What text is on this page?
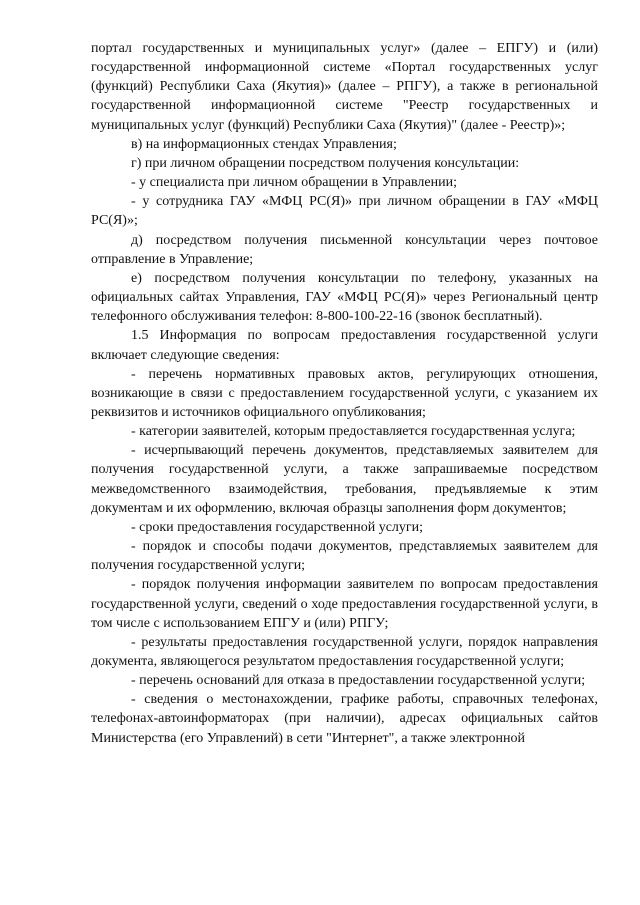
портал государственных и муниципальных услуг» (далее – ЕПГУ) и (или) государственной информационной системе «Портал государственных услуг (функций) Республики Саха (Якутия)» (далее – РПГУ), а также в региональной государственной информационной системе "Реестр государственных и муниципальных услуг (функций) Республики Саха (Якутия)" (далее - Реестр)»;

в) на информационных стендах Управления;

г) при личном обращении посредством получения консультации:

- у специалиста при личном обращении в Управлении;

- у сотрудника ГАУ «МФЦ РС(Я)» при личном обращении в ГАУ «МФЦ РС(Я)»;

д) посредством получения письменной консультации через почтовое отправление в Управление;

е) посредством получения консультации по телефону, указанных на официальных сайтах Управления, ГАУ «МФЦ РС(Я)» через Региональный центр телефонного обслуживания телефон: 8-800-100-22-16 (звонок бесплатный).

1.5 Информация по вопросам предоставления государственной услуги включает следующие сведения:

- перечень нормативных правовых актов, регулирующих отношения, возникающие в связи с предоставлением государственной услуги, с указанием их реквизитов и источников официального опубликования;

- категории заявителей, которым предоставляется государственная услуга;

- исчерпывающий перечень документов, представляемых заявителем для получения государственной услуги, а также запрашиваемые посредством межведомственного взаимодействия, требования, предъявляемые к этим документам и их оформлению, включая образцы заполнения форм документов;

- сроки предоставления государственной услуги;

- порядок и способы подачи документов, представляемых заявителем для получения государственной услуги;

- порядок получения информации заявителем по вопросам предоставления государственной услуги, сведений о ходе предоставления государственной услуги, в том числе с использованием ЕПГУ и (или) РПГУ;

- результаты предоставления государственной услуги, порядок направления документа, являющегося результатом предоставления государственной услуги;

- перечень оснований для отказа в предоставлении государственной услуги;

- сведения о местонахождении, графике работы, справочных телефонах, телефонах-автоинформаторах (при наличии), адресах официальных сайтов Министерства (его Управлений) в сети "Интернет", а также электронной
